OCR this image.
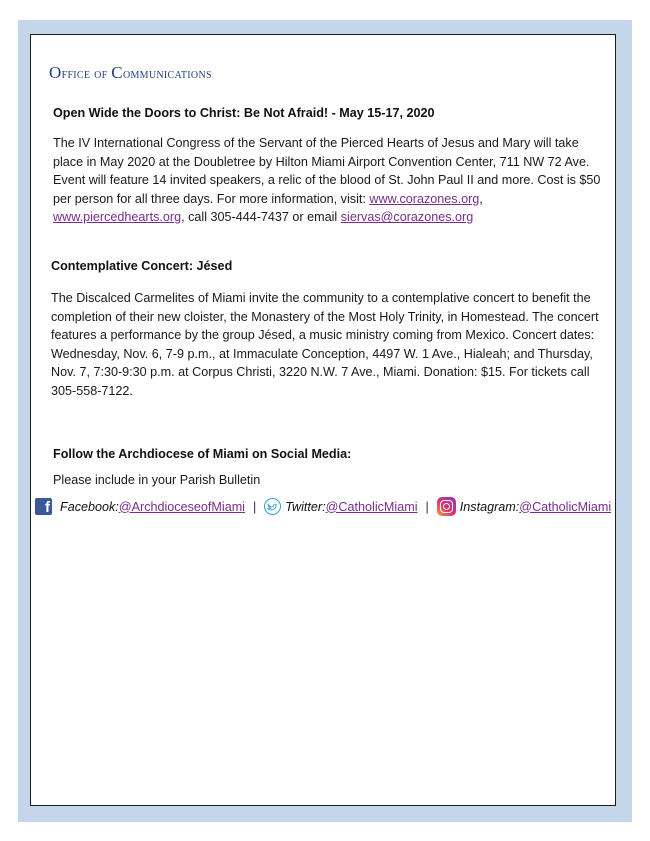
Office of Communications
Open Wide the Doors to Christ: Be Not Afraid! - May 15-17, 2020
The IV International Congress of the Servant of the Pierced Hearts of Jesus and Mary will take place in May 2020 at the Doubletree by Hilton Miami Airport Convention Center, 711 NW 72 Ave. Event will feature 14 invited speakers, a relic of the blood of St. John Paul II and more. Cost is $50 per person for all three days. For more information, visit: www.corazones.org, www.piercedhearts.org, call 305-444-7437 or email siervas@corazones.org
Contemplative Concert: Jésed
The Discalced Carmelites of Miami invite the community to a contemplative concert to benefit the completion of their new cloister, the Monastery of the Most Holy Trinity, in Homestead. The concert features a performance by the group Jésed, a music ministry coming from Mexico. Concert dates: Wednesday, Nov. 6, 7-9 p.m., at Immaculate Conception, 4497 W. 1 Ave., Hialeah; and Thursday, Nov. 7, 7:30-9:30 p.m. at Corpus Christi, 3220 N.W. 7 Ave., Miami. Donation: $15. For tickets call 305-558-7122.
Follow the Archdiocese of Miami on Social Media:
Please include in your Parish Bulletin
f Facebook: @ArchdioceseofMiami | Twitter: @CatholicMiami | Instagram: @CatholicMiami
